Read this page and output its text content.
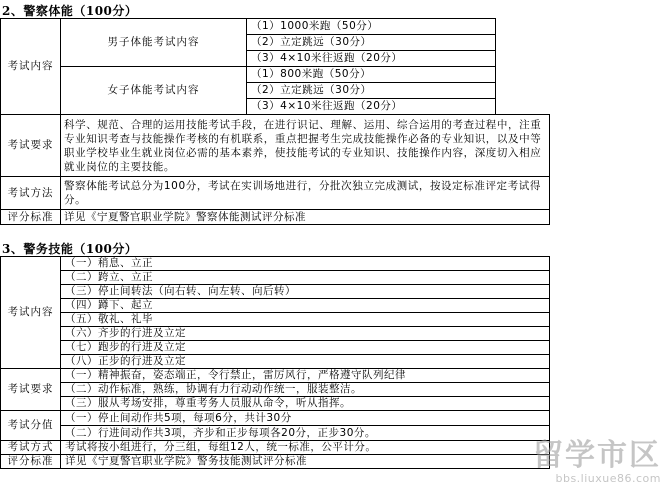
2、警察体能（100分）
考试内容	男子体能考试内容	（1）1000米跑（50分）
		（2）立定跳远（30分）
		（3）4×10米往返跑（20分）
	女子体能考试内容	（1）800米跑（50分）
		（2）立定跳远（30分）
		（3）4×10米往返跑（20分）
考试要求	科学、规范、合理的运用技能考试手段，在进行识记、理解、运用、综合运用的考查过程中，注重专业知识考查与技能操作考核的有机联系，重点把握考生完成技能操作必备的专业知识，以及中等职业学校毕业生就业岗位必需的基本素养，使技能考试的专业知识、技能操作内容，深度切入相应就业岗位的主要技能。
考试方法	警察体能考试总分为100分，考试在实训场地进行，分批次独立完成测试，按设定标准评定考试得分。
评分标准	详见《宁夏警官职业学院》警察体能测试评分标准
3、警务技能（100分）
考试内容	（一）稍息、立正
	（二）跨立、立正
	（三）停止间转法（向右转、向左转、向后转）
	（四）蹲下、起立
	（五）敬礼、礼毕
	（六）齐步的行进及立定
	（七）跑步的行进及立定
	（八）正步的行进及立定
考试要求	（一）精神振奋，姿态端正，令行禁止，雷厉风行，严格遵守队列纪律
	（二）动作标准，熟练，协调有力行动动作统一，服装整洁。
	（三）服从考场安排，尊重考务人员服从命令，听从指挥。
考试分值	（一）停止间动作共5项，每项6分，共计30分
	（二）行进间动作共3项，齐步和正步每项各20分，正步30分。
考试方式	考试将按小组进行，分三组，每组12人，统一标准，公平计分。
评分标准	详见《宁夏警官职业学院》警务技能测试评分标准	留学市区
bbs.liuxue86.com
